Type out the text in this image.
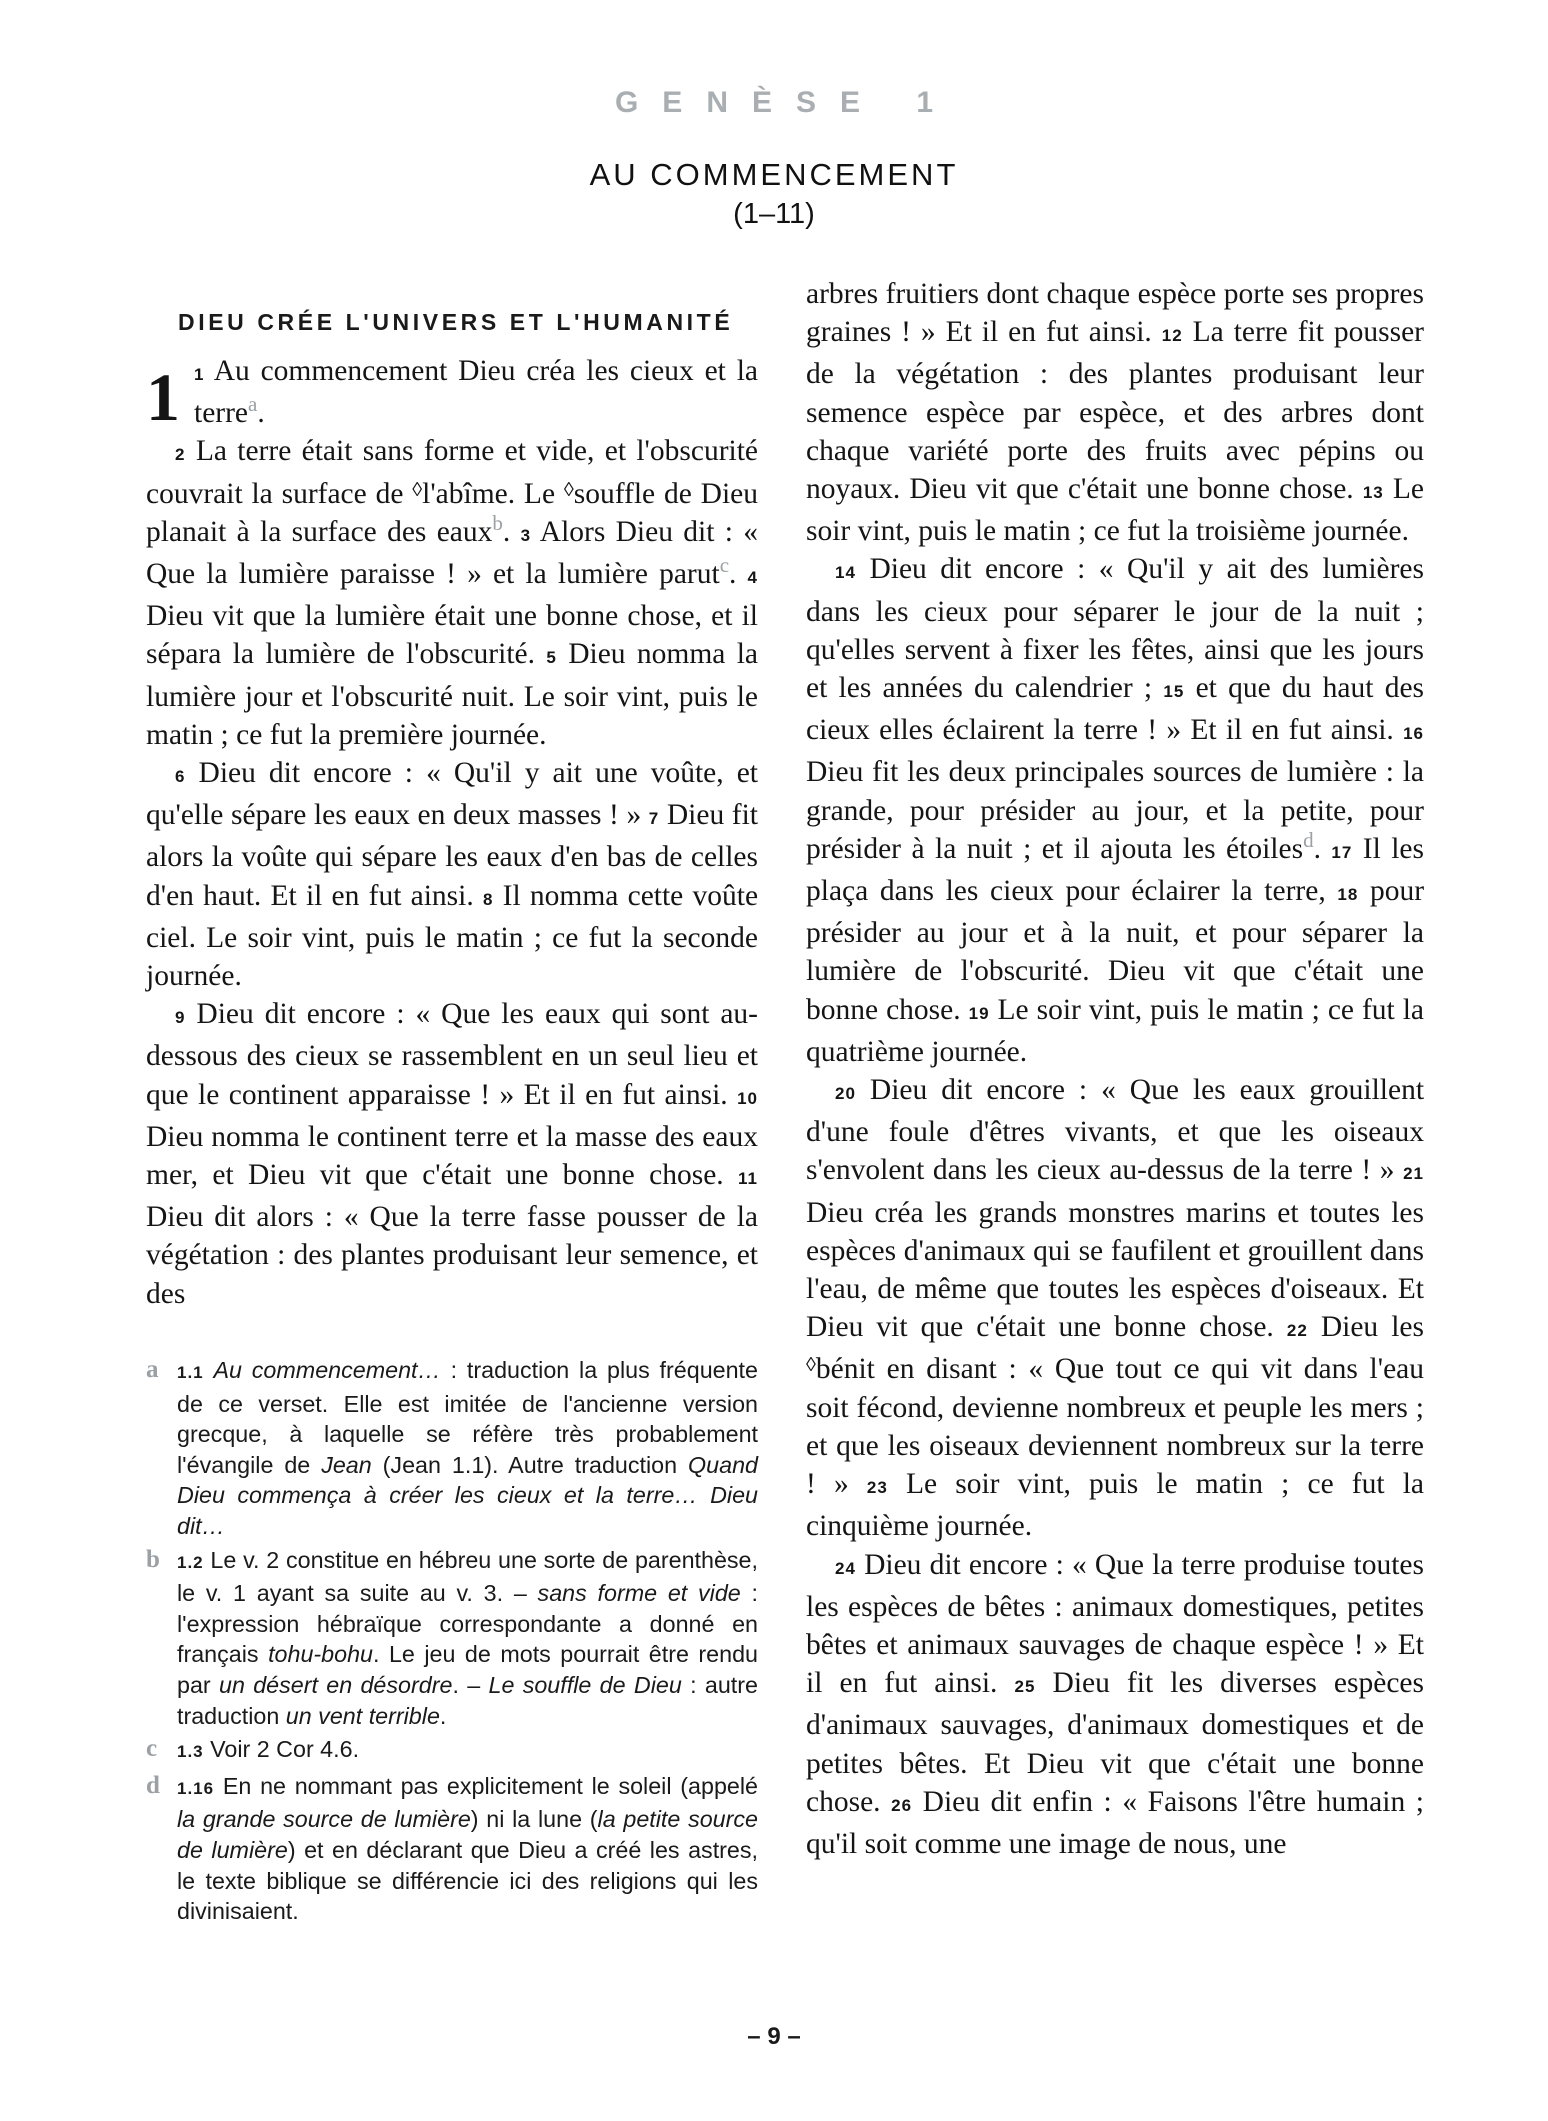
GENÈSE 1
AU COMMENCEMENT
(1–11)
DIEU CRÉE L'UNIVERS ET L'HUMANITÉ

1 1 Au commencement Dieu créa les cieux et la terre$^a$.

2 La terre était sans forme et vide, et l'obscurité couvrait la surface de ◊l'abîme. Le ◊souffle de Dieu planait à la surface des eaux$^b$. 3 Alors Dieu dit : « Que la lumière paraisse ! » et la lumière parut$^c$. 4 Dieu vit que la lumière était une bonne chose, et il sépara la lumière de l'obscurité. 5 Dieu nomma la lumière jour et l'obscurité nuit. Le soir vint, puis le matin ; ce fut la première journée.

6 Dieu dit encore : « Qu'il y ait une voûte, et qu'elle sépare les eaux en deux masses ! » 7 Dieu fit alors la voûte qui sépare les eaux d'en bas de celles d'en haut. Et il en fut ainsi. 8 Il nomma cette voûte ciel. Le soir vint, puis le matin ; ce fut la seconde journée.

9 Dieu dit encore : « Que les eaux qui sont au-dessous des cieux se rassemblent en un seul lieu et que le continent apparaisse ! » Et il en fut ainsi. 10 Dieu nomma le continent terre et la masse des eaux mer, et Dieu vit que c'était une bonne chose. 11 Dieu dit alors : « Que la terre fasse pousser de la végétation : des plantes produisant leur semence, et des

a 1.1 Au commencement… : traduction la plus fréquente de ce verset. Elle est imitée de l'ancienne version grecque, à laquelle se réfère très probablement l'évangile de Jean (Jean 1.1). Autre traduction Quand Dieu commença à créer les cieux et la terre… Dieu dit…
b 1.2 Le v. 2 constitue en hébreu une sorte de parenthèse, le v. 1 ayant sa suite au v. 3. – sans forme et vide : l'expression hébraïque correspondante a donné en français tohu-bohu. Le jeu de mots pourrait être rendu par un désert en désordre. – Le souffle de Dieu : autre traduction un vent terrible.
c 1.3 Voir 2 Cor 4.6.
d 1.16 En ne nommant pas explicitement le soleil (appelé la grande source de lumière) ni la lune (la petite source de lumière) et en déclarant que Dieu a créé les astres, le texte biblique se différencie ici des religions qui les divinisaient.

arbres fruitiers dont chaque espèce porte ses propres graines ! » Et il en fut ainsi. 12 La terre fit pousser de la végétation : des plantes produisant leur semence espèce par espèce, et des arbres dont chaque variété porte des fruits avec pépins ou noyaux. Dieu vit que c'était une bonne chose. 13 Le soir vint, puis le matin ; ce fut la troisième journée.

14 Dieu dit encore : « Qu'il y ait des lumières dans les cieux pour séparer le jour de la nuit ; qu'elles servent à fixer les fêtes, ainsi que les jours et les années du calendrier ; 15 et que du haut des cieux elles éclairent la terre ! » Et il en fut ainsi. 16 Dieu fit les deux principales sources de lumière : la grande, pour présider au jour, et la petite, pour présider à la nuit ; et il ajouta les étoiles$^d$. 17 Il les plaça dans les cieux pour éclairer la terre, 18 pour présider au jour et à la nuit, et pour séparer la lumière de l'obscurité. Dieu vit que c'était une bonne chose. 19 Le soir vint, puis le matin ; ce fut la quatrième journée.

20 Dieu dit encore : « Que les eaux grouillent d'une foule d'êtres vivants, et que les oiseaux s'envolent dans les cieux au-dessus de la terre ! » 21 Dieu créa les grands monstres marins et toutes les espèces d'animaux qui se faufilent et grouillent dans l'eau, de même que toutes les espèces d'oiseaux. Et Dieu vit que c'était une bonne chose. 22 Dieu les ◊bénit en disant : « Que tout ce qui vit dans l'eau soit fécond, devienne nombreux et peuple les mers ; et que les oiseaux deviennent nombreux sur la terre ! » 23 Le soir vint, puis le matin ; ce fut la cinquième journée.

24 Dieu dit encore : « Que la terre produise toutes les espèces de bêtes : animaux domestiques, petites bêtes et animaux sauvages de chaque espèce ! » Et il en fut ainsi. 25 Dieu fit les diverses espèces d'animaux sauvages, d'animaux domestiques et de petites bêtes. Et Dieu vit que c'était une bonne chose. 26 Dieu dit enfin : « Faisons l'être humain ; qu'il soit comme une image de nous, une

– 9 –
